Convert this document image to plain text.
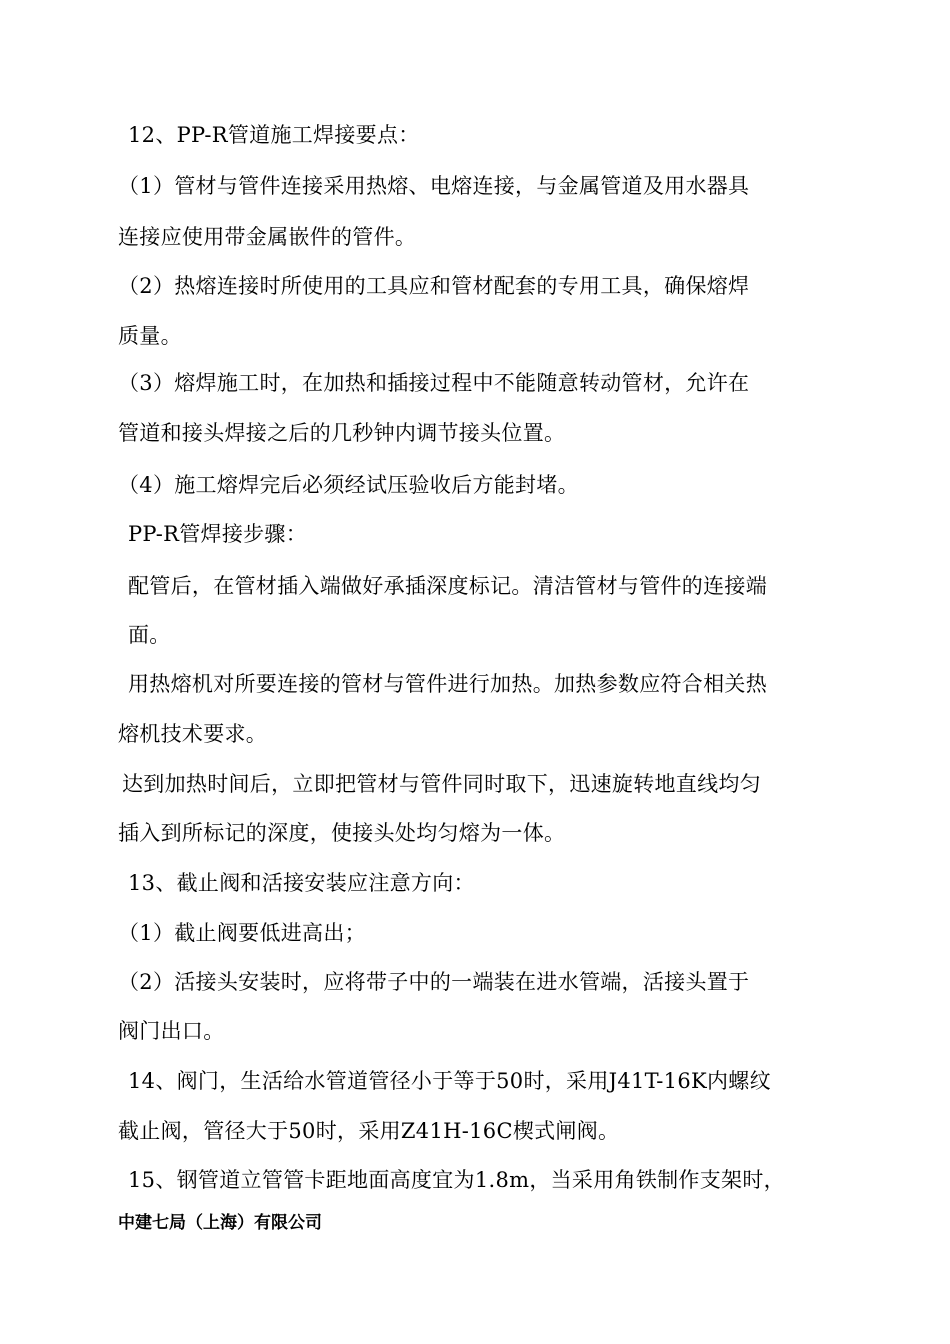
12、PP-R管道施工焊接要点：
（1）管材与管件连接采用热熔、电熔连接，与金属管道及用水器具
连接应使用带金属嵌件的管件。
（2）热熔连接时所使用的工具应和管材配套的专用工具，确保熔焊
质量。
（3）熔焊施工时，在加热和插接过程中不能随意转动管材，允许在
管道和接头焊接之后的几秒钟内调节接头位置。
（4）施工熔焊完后必须经试压验收后方能封堵。
PP-R管焊接步骤：
配管后，在管材插入端做好承插深度标记。清洁管材与管件的连接端
面。
用热熔机对所要连接的管材与管件进行加热。加热参数应符合相关热
熔机技术要求。
达到加热时间后，立即把管材与管件同时取下，迅速旋转地直线均匀
插入到所标记的深度，使接头处均匀熔为一体。
13、截止阀和活接安装应注意方向：
（1）截止阀要低进高出；
（2）活接头安装时，应将带子中的一端装在进水管端，活接头置于
阀门出口。
14、阀门，生活给水管道管径小于等于50时，采用J41T-16K内螺纹
截止阀，管径大于50时，采用Z41H-16C楔式闸阀。
15、钢管道立管管卡距地面高度宜为1.8m，当采用角铁制作支架时，
中建七局（上海）有限公司
